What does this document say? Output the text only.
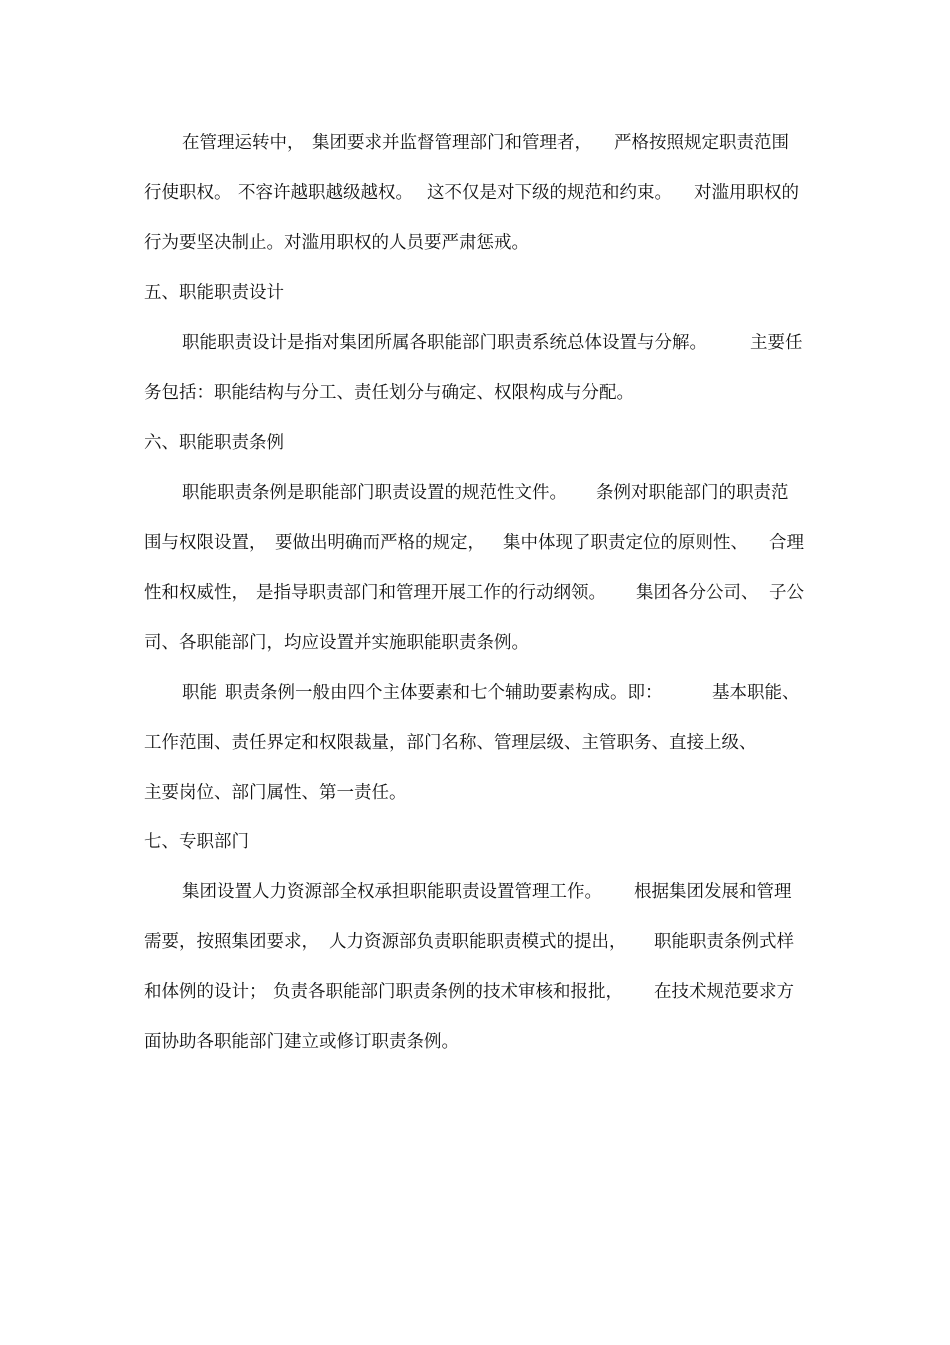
在管理运转中，

集团要求并监督管理部门和管理者，

严格按照规定职责范围

行使职权。

不容许越职越级越权。

这不仅是对下级的规范和约束。

对滥用职权的

行为要坚决制止。对滥用职权的人员要严肃惩戒。

五、职能职责设计

职能职责设计是指对集团所属各职能部门职责系统总体设置与分解。

主要任

务包括：职能结构与分工、责任划分与确定、权限构成与分配。

六、职能职责条例

职能职责条例是职能部门职责设置的规范性文件。

条例对职能部门的职责范

围与权限设置，

要做出明确而严格的规定，

集中体现了职责定位的原则性、

合理

性和权威性，

是指导职责部门和管理开展工作的行动纲领。

集团各分公司、

子公

司、各职能部门，均应设置并实施职能职责条例。

职能

职责条例一般由四个主体要素和七个辅助要素构成。即：

	基本职能、

工作范围、责任界定和权限裁量，部门名称、管理层级、主管职务、直接上级、

主要岗位、部门属性、第一责任。

七、专职部门

集团设置人力资源部全权承担职能职责设置管理工作。

根据集团发展和管理

需要，按照集团要求，

人力资源部负责职能职责模式的提出，

职能职责条例式样

和体例的设计；

负责各职能部门职责条例的技术审核和报批，

在技术规范要求方

面协助各职能部门建立或修订职责条例。
